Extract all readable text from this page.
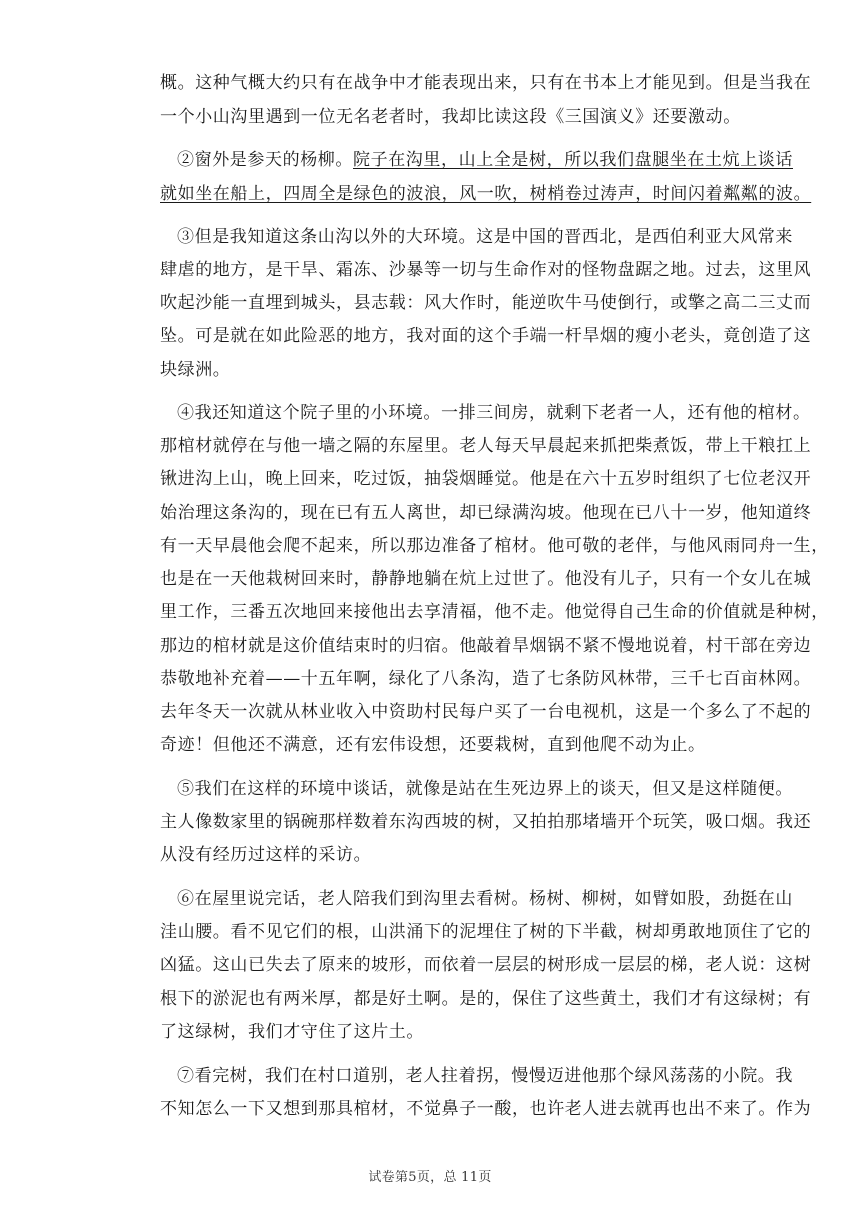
概。这种气概大约只有在战争中才能表现出来，只有在书本上才能见到。但是当我在
一个小山沟里遇到一位无名老者时，我却比读这段《三国演义》还要激动。
②窗外是参天的杨柳。院子在沟里，山上全是树，所以我们盘腿坐在土炕上谈话
就如坐在船上，四周全是绿色的波浪，风一吹，树梢卷过涛声，时间闪着粼粼的波。
③但是我知道这条山沟以外的大环境。这是中国的晋西北，是西伯利亚大风常来
肆虐的地方，是干旱、霜冻、沙暴等一切与生命作对的怪物盘踞之地。过去，这里风
吹起沙能一直埋到城头，县志载：风大作时，能逆吹牛马使倒行，或擎之高二三丈而
坠。可是就在如此险恶的地方，我对面的这个手端一杆旱烟的瘦小老头，竟创造了这
块绿洲。
④我还知道这个院子里的小环境。一排三间房，就剩下老者一人，还有他的棺材。
那棺材就停在与他一墙之隔的东屋里。老人每天早晨起来抓把柴煮饭，带上干粮扛上
锹进沟上山，晚上回来，吃过饭，抽袋烟睡觉。他是在六十五岁时组织了七位老汉开
始治理这条沟的，现在已有五人离世，却已绿满沟坡。他现在已八十一岁，他知道终
有一天早晨他会爬不起来，所以那边准备了棺材。他可敬的老伴，与他风雨同舟一生，
也是在一天他栽树回来时，静静地躺在炕上过世了。他没有儿子，只有一个女儿在城
里工作，三番五次地回来接他出去享清福，他不走。他觉得自己生命的价值就是种树，
那边的棺材就是这价值结束时的归宿。他敲着旱烟锅不紧不慢地说着，村干部在旁边
恭敬地补充着——十五年啊，绿化了八条沟，造了七条防风林带，三千七百亩林网。
去年冬天一次就从林业收入中资助村民每户买了一台电视机，这是一个多么了不起的
奇迹！但他还不满意，还有宏伟设想，还要栽树，直到他爬不动为止。
⑤我们在这样的环境中谈话，就像是站在生死边界上的谈天，但又是这样随便。
主人像数家里的锅碗那样数着东沟西坡的树，又拍拍那堵墙开个玩笑，吸口烟。我还
从没有经历过这样的采访。
⑥在屋里说完话，老人陪我们到沟里去看树。杨树、柳树，如臂如股，劲挺在山
洼山腰。看不见它们的根，山洪涌下的泥埋住了树的下半截，树却勇敢地顶住了它的
凶猛。这山已失去了原来的坡形，而依着一层层的树形成一层层的梯，老人说：这树
根下的淤泥也有两米厚，都是好土啊。是的，保住了这些黄土，我们才有这绿树；有
了这绿树，我们才守住了这片土。
⑦看完树，我们在村口道别，老人拄着拐，慢慢迈进他那个绿风荡荡的小院。我
不知怎么一下又想到那具棺材，不觉鼻子一酸，也许老人进去就再也出不来了。作为
试卷第5页，总 11页
